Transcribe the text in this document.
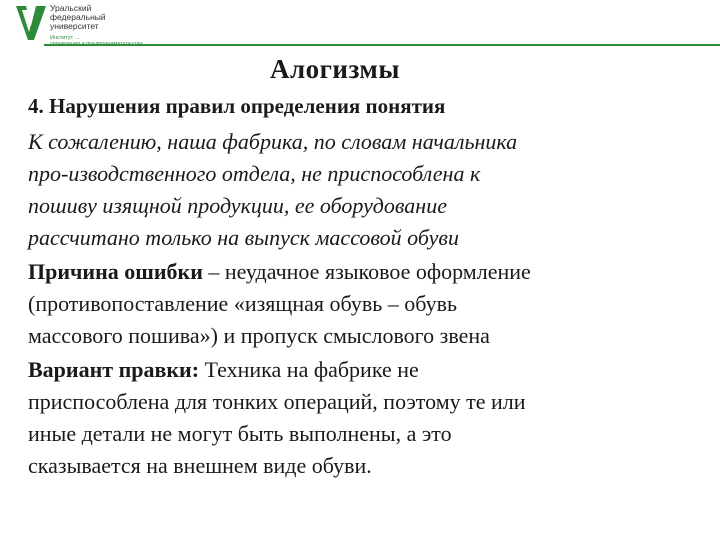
Уральский
федеральный
университет
Институт ...

Алогизмы

4. Нарушения правил определения понятия

К сожалению, наша фабрика, по словам начальника
про-изводственного отдела, не приспособлена к
пошиву изящной продукции, ее оборудование
рассчитано только на выпуск массовой обуви

Причина ошибки – неудачное языковое оформление
(противопоставление «изящная обувь – обувь
массового пошива») и пропуск смыслового звена

Вариант правки: Техника на фабрике не
приспособлена для тонких операций, поэтому те или
иные детали не могут быть выполнены, а это
сказывается на внешнем виде обуви.
